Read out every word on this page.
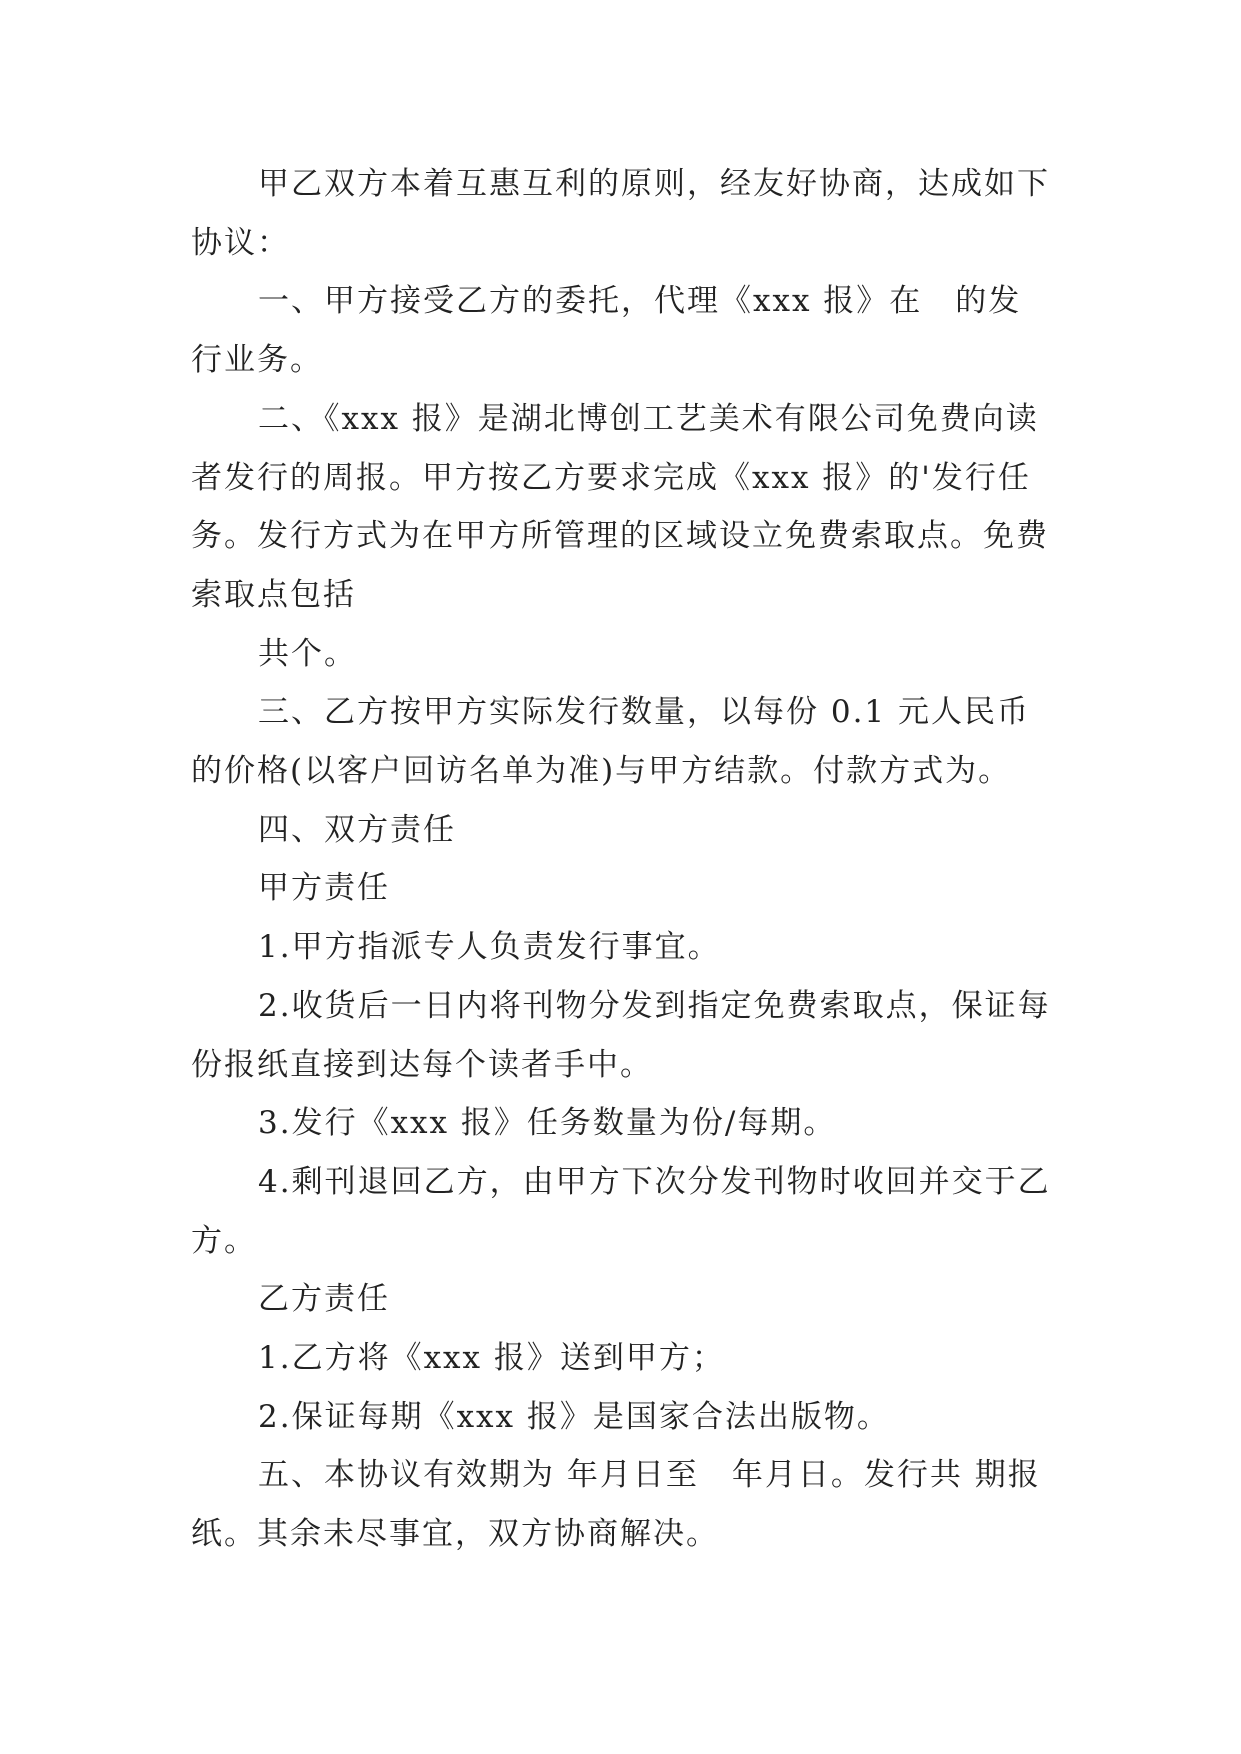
甲乙双方本着互惠互利的原则，经友好协商，达成如下协议：

一、甲方接受乙方的委托，代理《xxx 报》在　的发行业务。

二、《xxx 报》是湖北博创工艺美术有限公司免费向读者发行的周报。甲方按乙方要求完成《xxx 报》的'发行任务。发行方式为在甲方所管理的区域设立免费索取点。免费索取点包括

共个。

三、乙方按甲方实际发行数量，以每份 0.1 元人民币的价格(以客户回访名单为准)与甲方结款。付款方式为。

四、双方责任

甲方责任

1.甲方指派专人负责发行事宜。

2.收货后一日内将刊物分发到指定免费索取点，保证每份报纸直接到达每个读者手中。

3.发行《xxx 报》任务数量为份/每期。

4.剩刊退回乙方，由甲方下次分发刊物时收回并交于乙方。

乙方责任

1.乙方将《xxx 报》送到甲方；

2.保证每期《xxx 报》是国家合法出版物。

五、本协议有效期为 年月日至　年月日。发行共 期报纸。其余未尽事宜，双方协商解决。
